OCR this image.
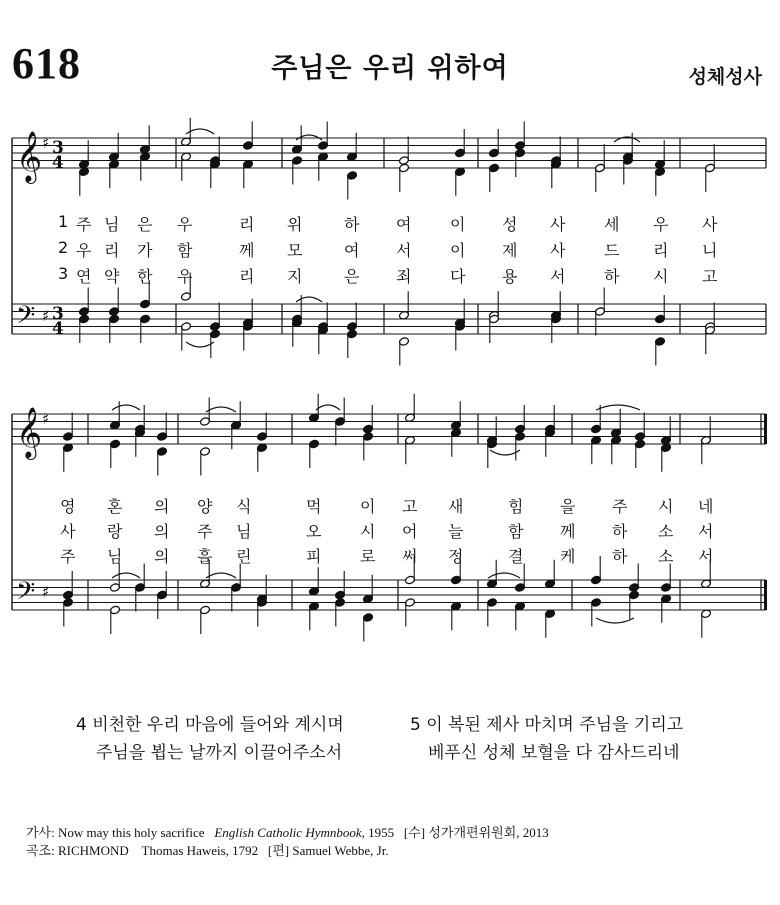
618	주님은 우리 위하여	성체성사
𝄞
𝄢
♯
♯
3
4
3
4
𝄞
𝄢
♯
♯
1 주 님 은 우	리 위	하 여 이 성 사 세 우 사
2 우 리 가 함	께 모	여 서 이 제 사 드 리 니
3 연 약 한 우	리 지	은 죄 다 용 서 하 시 고
영 혼 의 양 식	먹 이 고 새	힘 을 주 시 네
사 랑 의 주 님	오 시 어 늘	함 께 하 소 서
주 님 의 흘 린	피 로 써 정	결 케 하 소 서
4 비천한 우리 마음에 들어와 계시며
주님을 뵙는 날까지 이끌어주소서
5 이 복된 제사 마치며 주님을 기리고
베푸신 성체 보혈을 다 감사드리네
가사: Now may this holy sacrifice English Catholic Hymnbook, 1955 [수] 성가개편위원회, 2013
곡조: RICHMOND Thomas Haweis, 1792 [편] Samuel Webbe, Jr.
